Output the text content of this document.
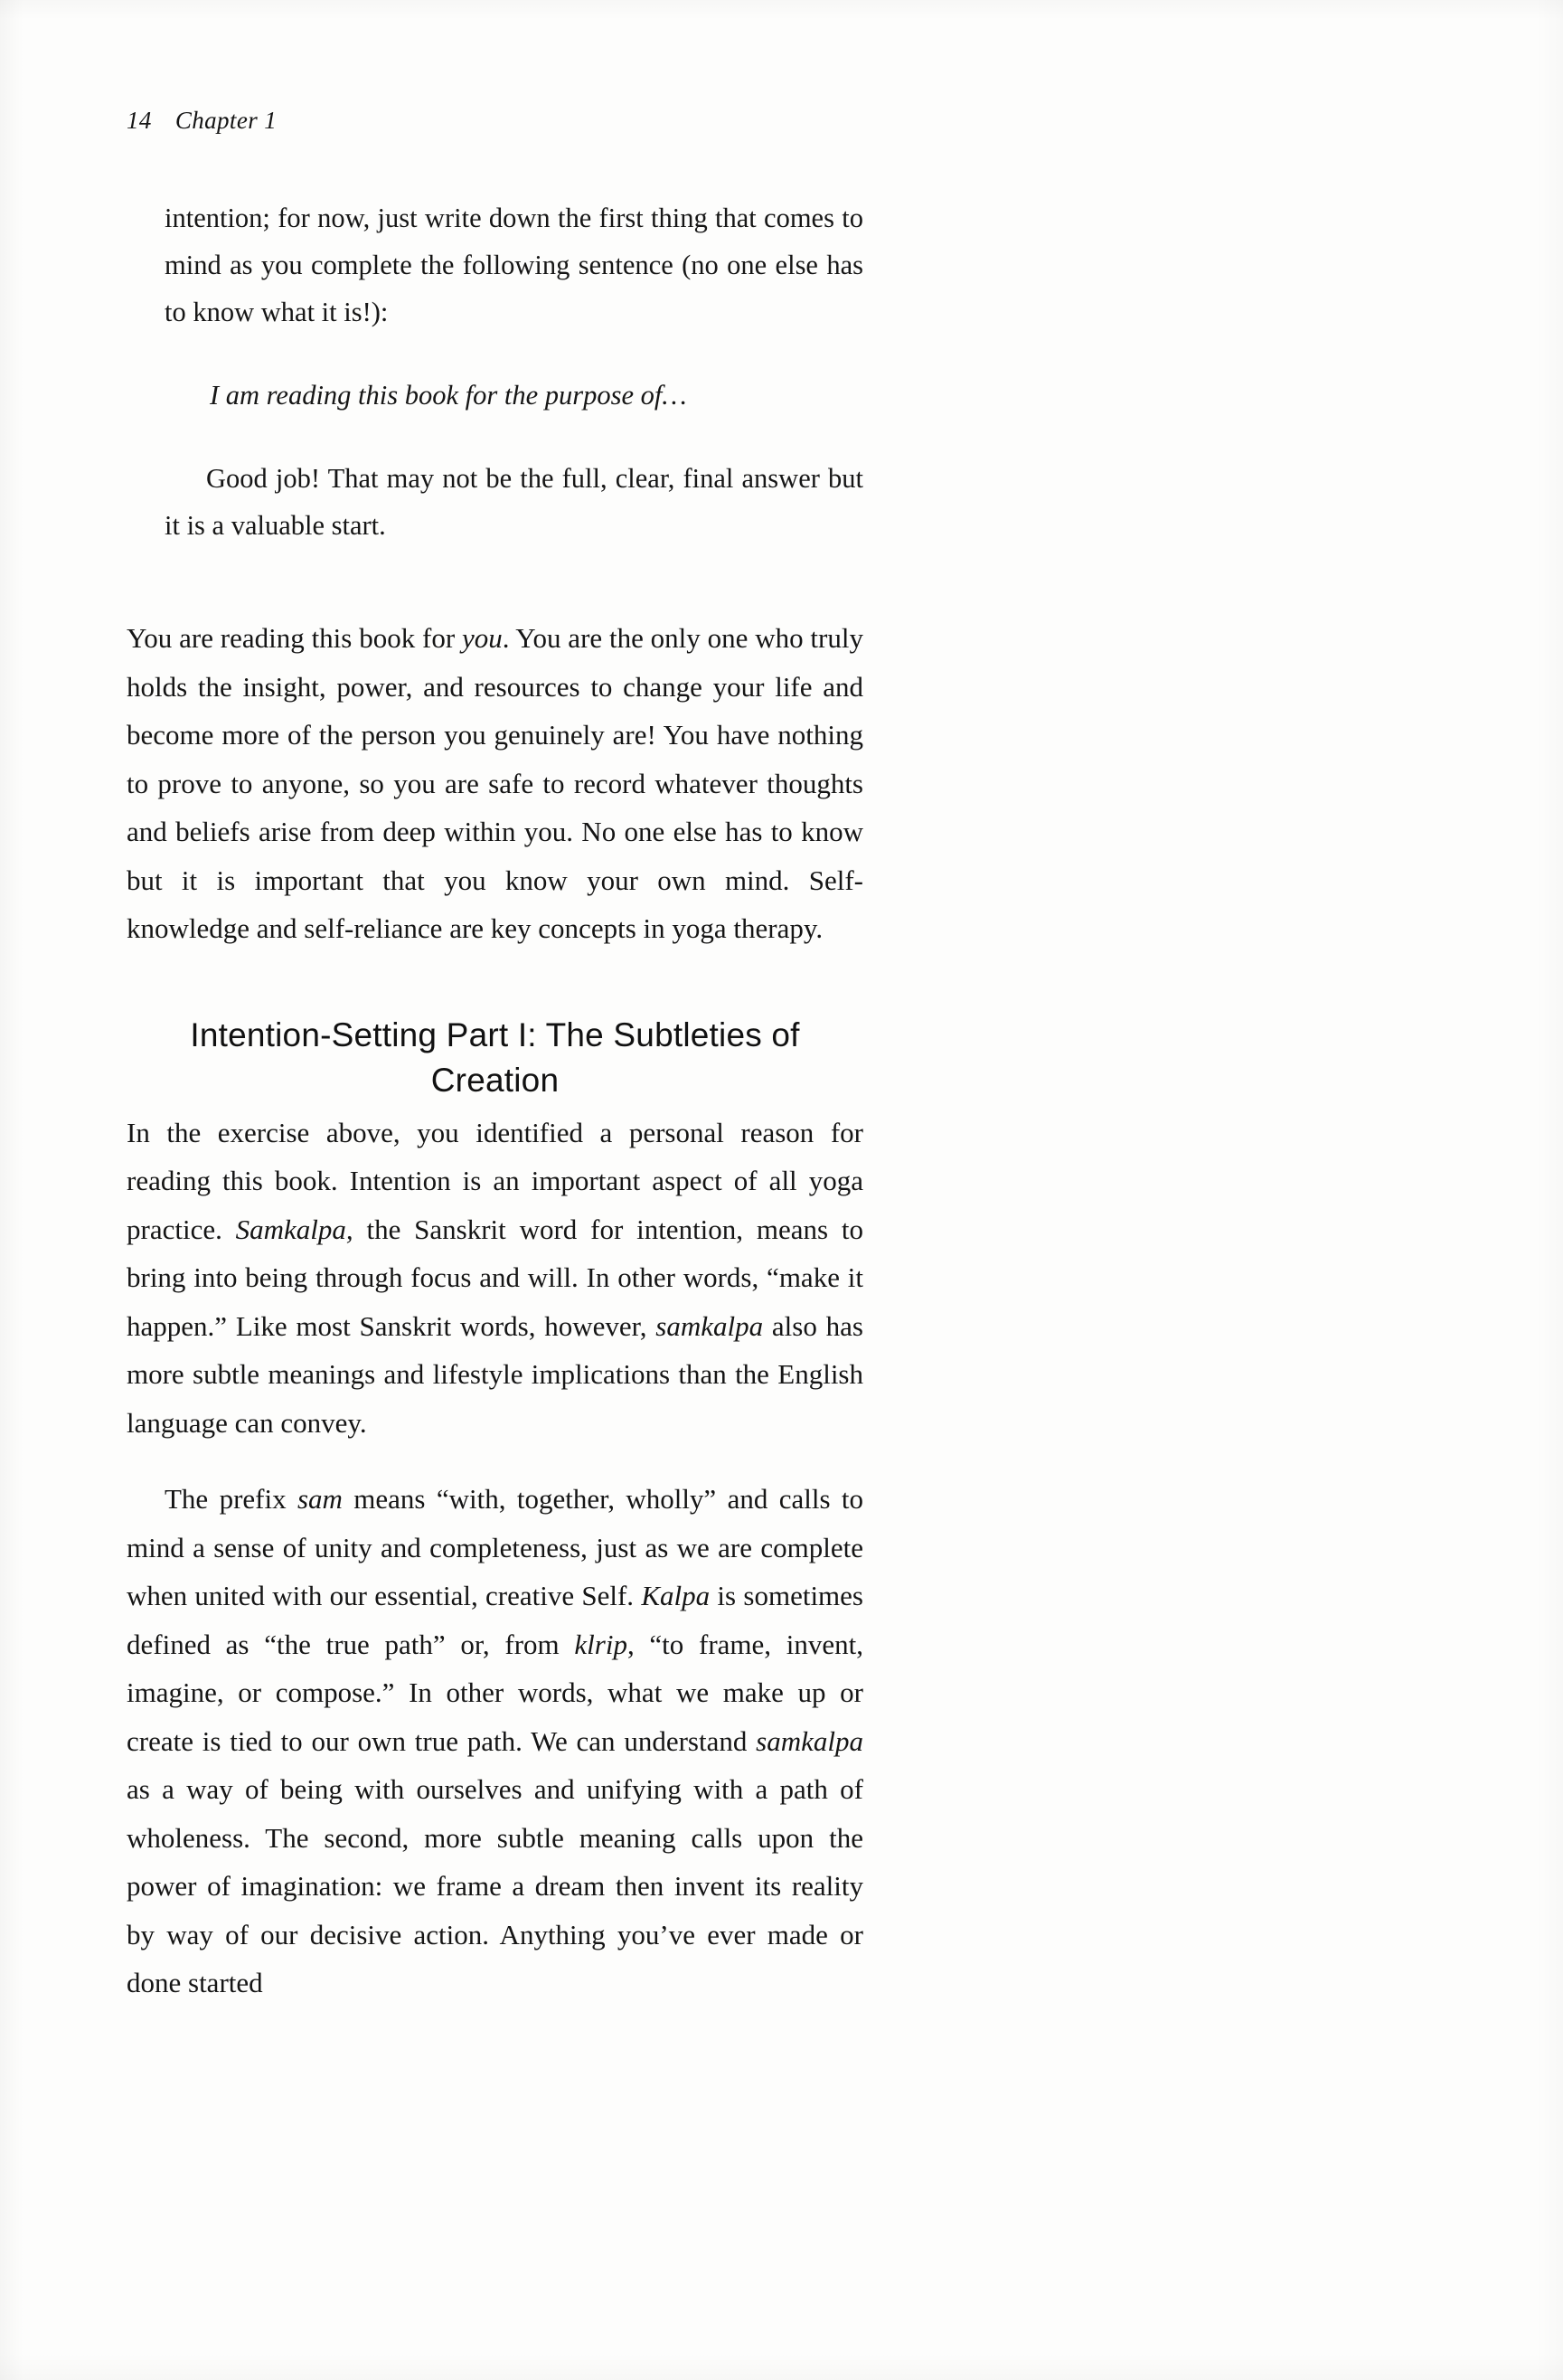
14 Chapter 1

intention; for now, just write down the first thing that comes to mind as you complete the following sentence (no one else has to know what it is!):

I am reading this book for the purpose of…

Good job! That may not be the full, clear, final answer but it is a valuable start.

You are reading this book for you. You are the only one who truly holds the insight, power, and resources to change your life and become more of the person you genuinely are! You have nothing to prove to anyone, so you are safe to record whatever thoughts and beliefs arise from deep within you. No one else has to know but it is important that you know your own mind. Self-knowledge and self-reliance are key concepts in yoga therapy.

Intention-Setting Part I: The Subtleties of Creation

In the exercise above, you identified a personal reason for reading this book. Intention is an important aspect of all yoga practice. Samkalpa, the Sanskrit word for intention, means to bring into being through focus and will. In other words, “make it happen.” Like most Sanskrit words, however, samkalpa also has more subtle meanings and lifestyle implications than the English language can convey.

The prefix sam means “with, together, wholly” and calls to mind a sense of unity and completeness, just as we are complete when united with our essential, creative Self. Kalpa is sometimes defined as “the true path” or, from klrip, “to frame, invent, imagine, or compose.” In other words, what we make up or create is tied to our own true path. We can understand samkalpa as a way of being with ourselves and unifying with a path of wholeness. The second, more subtle meaning calls upon the power of imagination: we frame a dream then invent its reality by way of our decisive action. Anything you’ve ever made or done started
